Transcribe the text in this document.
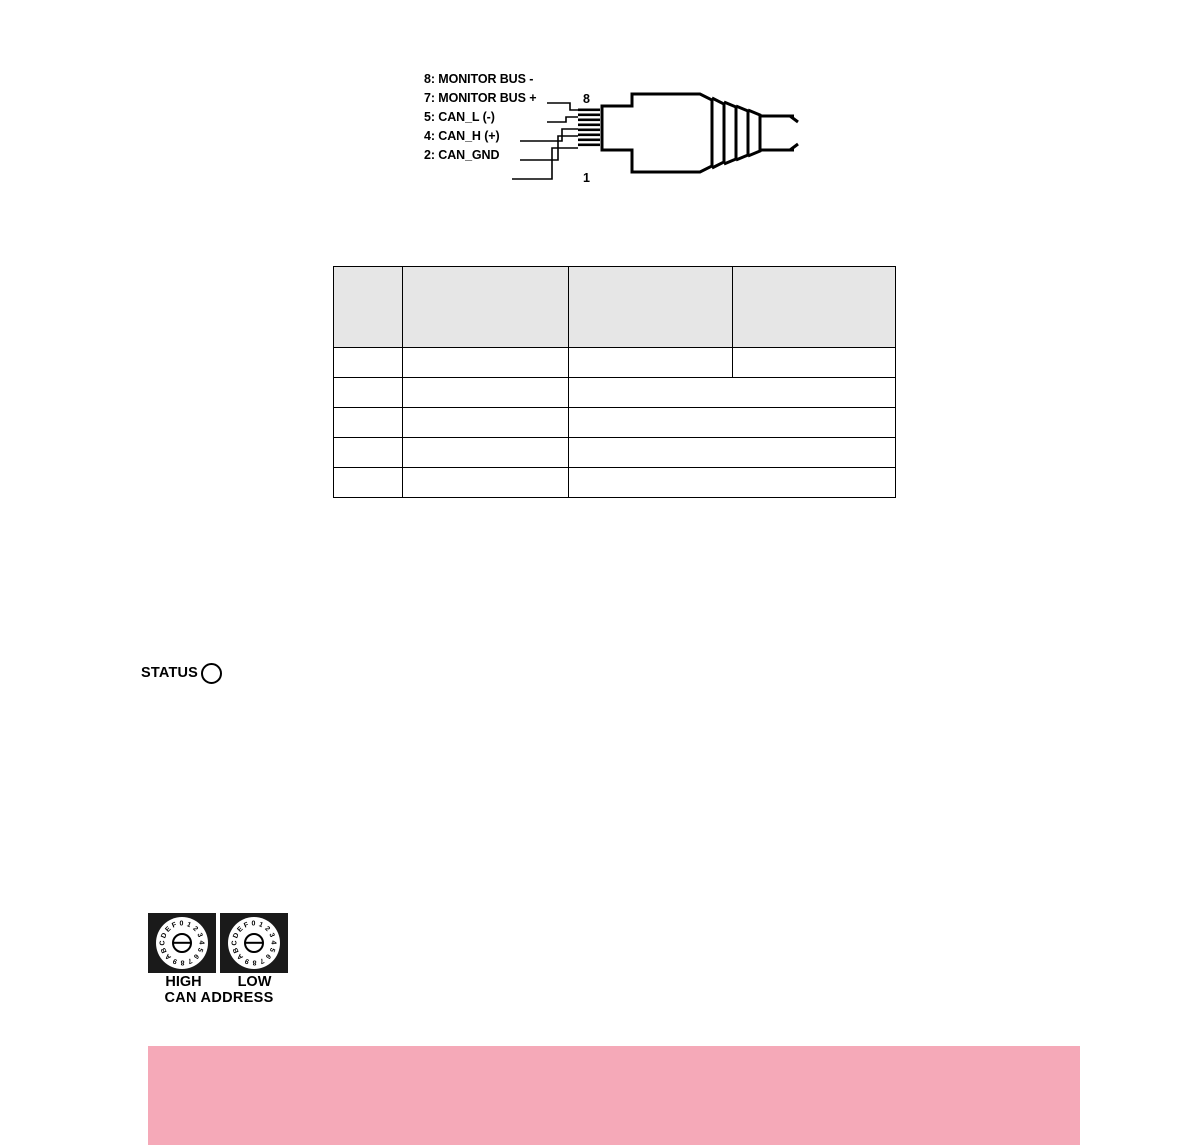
8: MONITOR BUS -
7: MONITOR BUS +
5: CAN_L (-)
4: CAN_H (+)
2: CAN_GND
8
1

STATUS
0 1 2
3
4
5
6
7
8
9
A
B
C
D
E
F	0 1 2
3
4
5
6
7
8
9
A
B
C
D
E
F
HIGH	LOW
CAN ADDRESS
